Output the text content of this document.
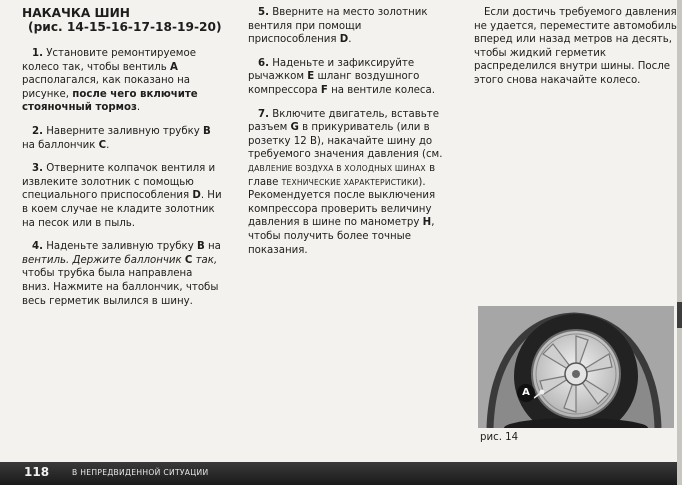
НАКАЧКА ШИН
(рис. 14-15-16-17-18-19-20)

1. Установите ремонтируемое колесо так, чтобы вентиль A располагался, как показано на рисунке, после чего включите стояночный тормоз.

2. Наверните заливную трубку B на баллончик C.

3. Отверните колпачок вентиля и извлеките золотник с помощью специального приспособления D. Ни в коем случае не кладите золотник на песок или в пыль.

4. Наденьте заливную трубку B на вентиль. Держите баллончик C так, чтобы трубка была направлена вниз. Нажмите на баллончик, чтобы весь герметик вылился в шину.

5. Вверните на место золотник вентиля при помощи приспособления D.

6. Наденьте и зафиксируйте рычажком E шланг воздушного компрессора F на вентиле колеса.

7. Включите двигатель, вставьте разъем G в прикуриватель (или в розетку 12 В), накачайте шину до требуемого значения давления (см. ДАВЛЕНИЕ ВОЗДУХА В ХОЛОДНЫХ ШИНАХ в главе ТЕХНИЧЕСКИЕ ХАРАКТЕРИСТИКИ). Рекомендуется после выключения компрессора проверить величину давления в шине по манометру H, чтобы получить более точные показания.

Если достичь требуемого давления не удается, переместите автомобиль вперед или назад метров на десять, чтобы жидкий герметик распределился внутри шины. После этого снова накачайте колесо.

A
рис. 14
118	В НЕПРЕДВИДЕННОЙ СИТУАЦИИ
